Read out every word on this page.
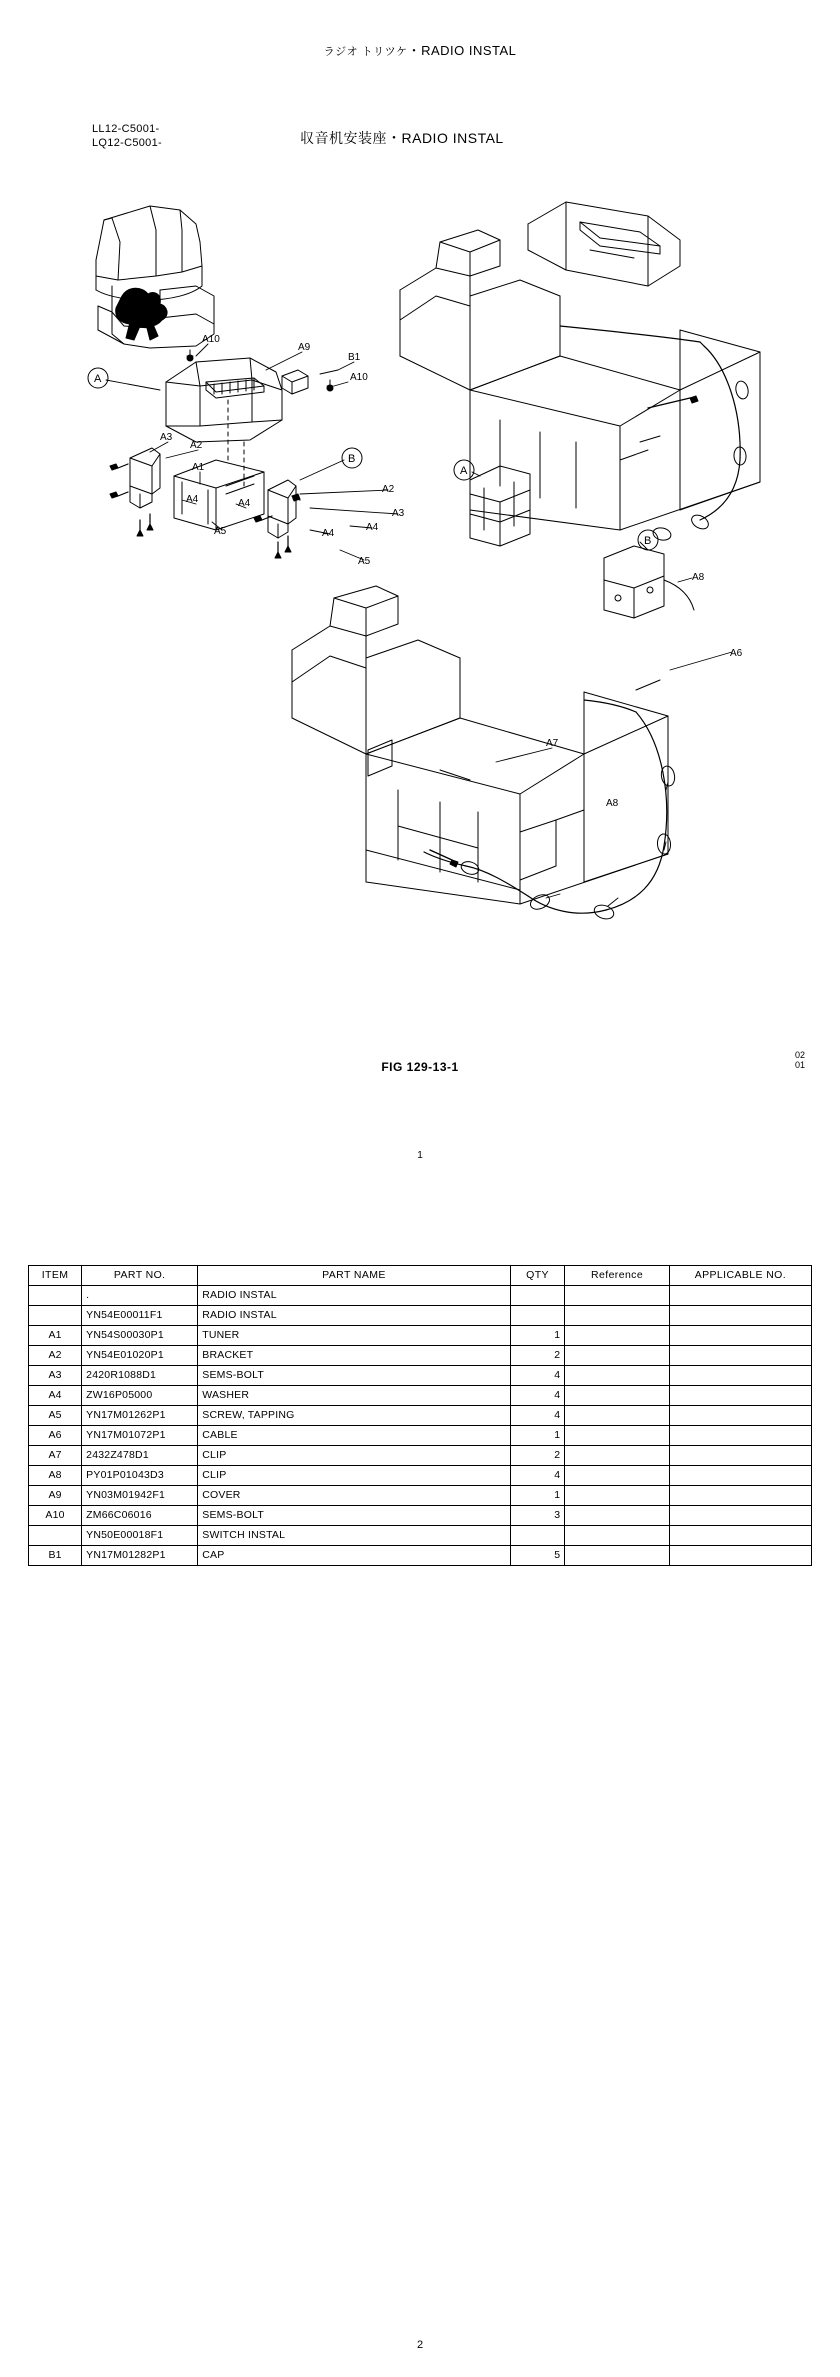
ラジオ トリツケ・RADIO INSTAL
LL12-C5001-
LQ12-C5001-	収音机安装座・RADIO INSTAL
A10
A9
B1
A10
A3
A2
A1
A4	A4
A5
A2
A3
A4
A4
A5
A
B
A
B
A8
A6
A7
A8
FIG 129-13-1
02
01
1
ITEM	PART NO.	PART NAME	QTY	Reference	APPLICABLE NO.
	.	RADIO INSTAL			
	YN54E00011F1	RADIO INSTAL			
A1	YN54S00030P1	TUNER	1		
A2	YN54E01020P1	BRACKET	2		
A3	2420R1088D1	SEMS-BOLT	4		
A4	ZW16P05000	WASHER	4		
A5	YN17M01262P1	SCREW, TAPPING	4		
A6	YN17M01072P1	CABLE	1		
A7	2432Z478D1	CLIP	2		
A8	PY01P01043D3	CLIP	4		
A9	YN03M01942F1	COVER	1		
A10	ZM66C06016	SEMS-BOLT	3		
	YN50E00018F1	SWITCH INSTAL			
B1	YN17M01282P1	CAP	5		
2
